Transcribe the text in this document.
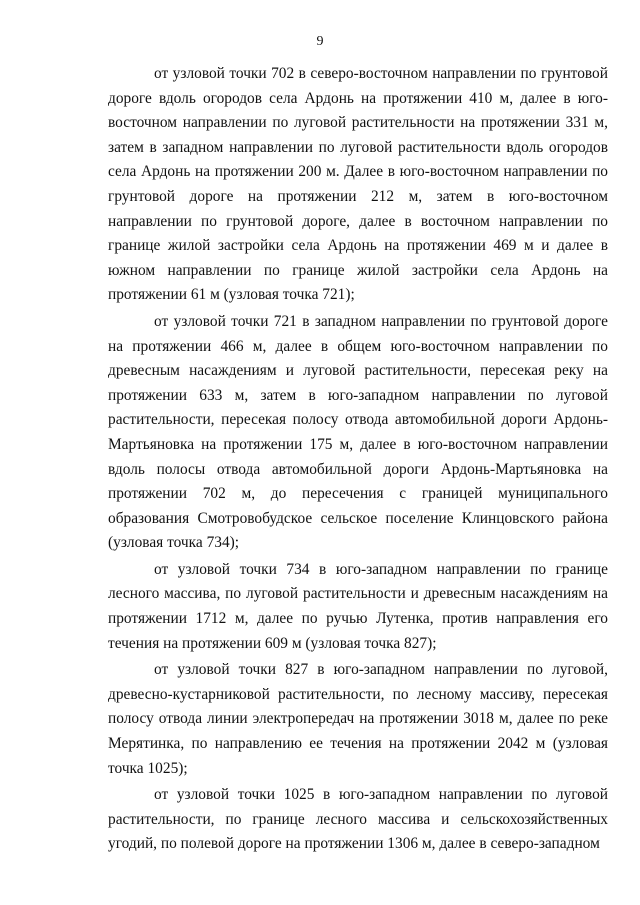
9

от узловой точки 702 в северо-восточном направлении по грунтовой дороге вдоль огородов села Ардонь на протяжении 410 м, далее в юго-восточном направлении по луговой растительности на протяжении 331 м, затем в западном направлении по луговой растительности вдоль огородов села Ардонь на протяжении 200 м. Далее в юго-восточном направлении по грунтовой дороге на протяжении 212 м, затем в юго-восточном направлении по грунтовой дороге, далее в восточном направлении по границе жилой застройки села Ардонь на протяжении 469 м и далее в южном направлении по границе жилой застройки села Ардонь на протяжении 61 м (узловая точка 721);

от узловой точки 721 в западном направлении по грунтовой дороге на протяжении 466 м, далее в общем юго-восточном направлении по древесным насаждениям и луговой растительности, пересекая реку на протяжении 633 м, затем в юго-западном направлении по луговой растительности, пересекая полосу отвода автомобильной дороги Ардонь-Мартьяновка на протяжении 175 м, далее в юго-восточном направлении вдоль полосы отвода автомобильной дороги Ардонь-Мартьяновка на протяжении 702 м, до пересечения с границей муниципального образования Смотровобудское сельское поселение Клинцовского района (узловая точка 734);

от узловой точки 734 в юго-западном направлении по границе лесного массива, по луговой растительности и древесным насаждениям на протяжении 1712 м, далее по ручью Лутенка, против направления его течения на протяжении 609 м (узловая точка 827);

от узловой точки 827 в юго-западном направлении по луговой, древесно-кустарниковой растительности, по лесному массиву, пересекая полосу отвода линии электропередач на протяжении 3018 м, далее по реке Мерятинка, по направлению ее течения на протяжении 2042 м (узловая точка 1025);

от узловой точки 1025 в юго-западном направлении по луговой растительности, по границе лесного массива и сельскохозяйственных угодий, по полевой дороге на протяжении 1306 м, далее в северо-западном
